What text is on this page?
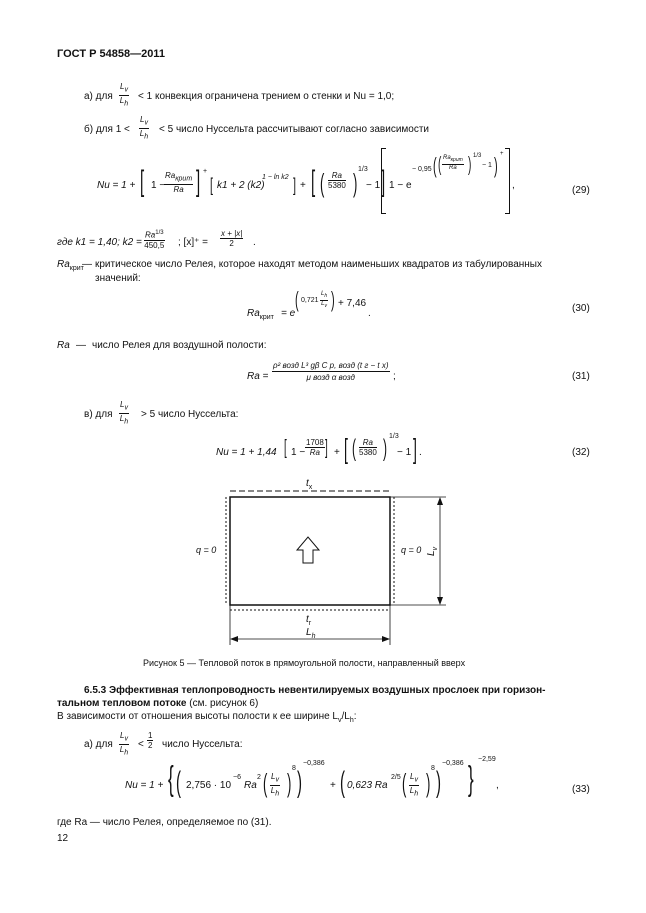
ГОСТ Р 54858—2011
а) для $\frac{Lv}{Lh} < 1$ конвекция ограничена трением о стенки и Nu = 1,0;
б) для $1 < \frac{Lv}{Lh} < 5$ число Нуссельта рассчитывают согласно зависимости
Nu = 1 + [ 1 −
Raкрит
Ra ] +
[ k1 + 2 (k2)
1 − ln k2 ] + [ ( $\frac{Ra}{5380}$ ) 1/3
− 1 ] 1 − e
− 0,95 ( ( $Ra_{крит}$
Ra ) 1/3
− 1 ) +
,	(29)
где k1 = 1,40; $k2 = \frac{Ra^{1/3}}{450,5}$ ; $[x]^+ = \frac{x + |x|}{2}$ .
$Ra_{крит}$
— критическое число Релея, которое находят методом наименьших квадратов из табулированных
значений:
$Ra_{крит} = e$
( $0,721 \frac{L_h}{L_v}$ ) + 7,46
.	(30)
Ra — число Релея для воздушной полости:
Ra =
ρ² возд L³ gβ C p, возд (t г − t х)
μ возд α возд	;	(31)
в) для $\frac{Lv}{Lh} > 5$ число Нуссельта:
Nu = 1 + 1,44 [ $1 - \frac{1708}{Ra}$ ] + [ ( $\frac{Ra}{5380}$ ) 1/3
− 1 ] .	(32)
$t_x$
$t_г$
$L_h$
$L_v$
q = 0	q = 0
Рисунок 5 — Тепловой поток в прямоугольной полости, направленный вверх
6.5.3 Эффективная теплопроводность невентилируемых воздушных прослоек при горизон-
тальном тепловом потоке (см. рисунок 6)
В зависимости от отношения высоты полости к ее ширине $L_v/L_h$:
а) для $\frac{Lv}{Lh} < \frac{1}{2}$ число Нуссельта:
Nu = 1 + { ( 2,756 · 10
−6
Ra
2 ( $\frac{Lv}{Lh}$ ) 8 )
−0,386
+ ( 0,623 Ra
2/5 ( $\frac{Lv}{Lh}$ ) 8 )
−0,386 }
−2,59
,	(33)
где Ra — число Релея, определяемое по (31).
12
